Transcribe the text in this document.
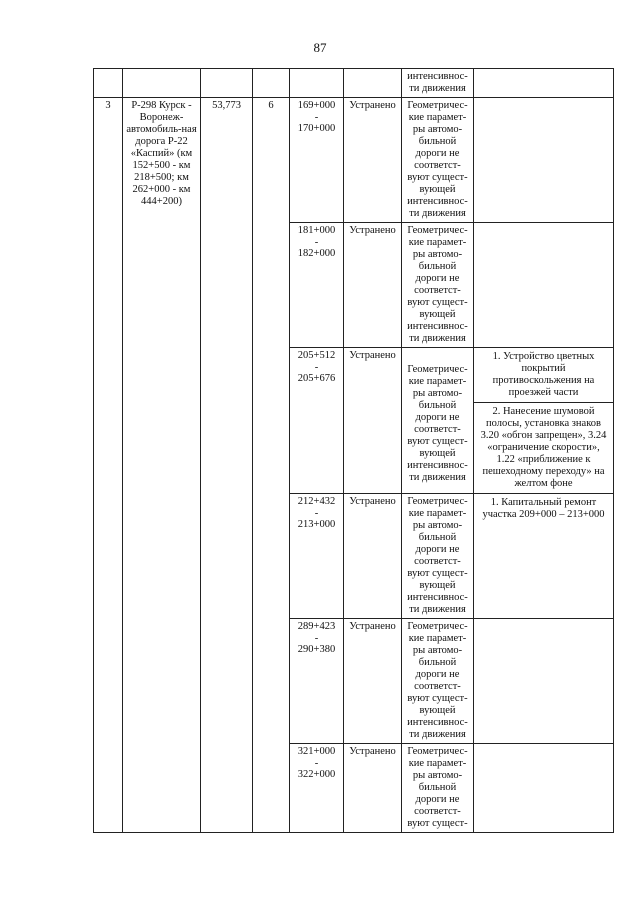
87

						интенсивнос-
ти движения	

3	Р-298 Курск - Воронеж-автомобиль-ная дорога Р-22 «Каспий» (км 152+500 - км 218+500; км 262+000 - км 444+200)	53,773	6	169+000
-
170+000	Устранено	Геометричес-кие парамет-ры автомо-бильной дороги не соответст-вуют сущест-вующей интенсивнос-ти движения	

				181+000
-
182+000	Устранено	Геометричес-кие парамет-ры автомо-бильной дороги не соответст-вуют сущест-вующей интенсивнос-ти движения	

				205+512
-
205+676	Устранено	Геометричес-кие парамет-ры автомо-бильной дороги не соответст-вуют сущест-вующей интенсивнос-ти движения	1. Устройство цветных покрытий противоскольжения на проезжей части
							2. Нанесение шумовой полосы, установка знаков 3.20 «обгон запрещен», 3.24 «ограничение скорости», 1.22 «приближение к пешеходному переходу» на желтом фоне

				212+432
-
213+000	Устранено	Геометричес-кие парамет-ры автомо-бильной дороги не соответст-вуют сущест-вующей интенсивнос-ти движения	1. Капитальный ремонт участка 209+000 – 213+000

				289+423
-
290+380	Устранено	Геометричес-кие парамет-ры автомо-бильной дороги не соответст-вуют сущест-вующей интенсивнос-ти движения	

				321+000
-
322+000	Устранено	Геометричес-кие парамет-ры автомо-бильной дороги не соответст-вуют сущест-	
